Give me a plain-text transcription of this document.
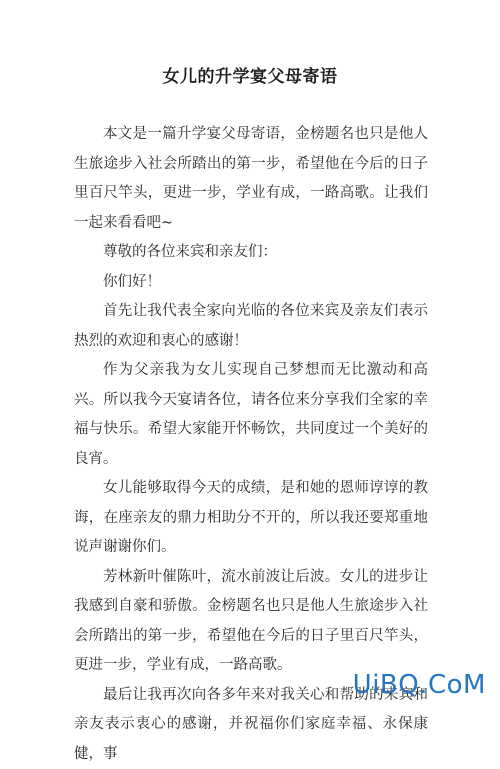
女儿的升学宴父母寄语

本文是一篇升学宴父母寄语，金榜题名也只是他人生旅途步入社会所踏出的第一步，希望他在今后的日子里百尺竿头，更进一步，学业有成，一路高歌。让我们一起来看看吧~

尊敬的各位来宾和亲友们：

你们好！

首先让我代表全家向光临的各位来宾及亲友们表示热烈的欢迎和衷心的感谢！

作为父亲我为女儿实现自己梦想而无比激动和高兴。所以我今天宴请各位，请各位来分享我们全家的幸福与快乐。希望大家能开怀畅饮，共同度过一个美好的良宵。

女儿能够取得今天的成绩，是和她的恩师谆谆的教诲，在座亲友的鼎力相助分不开的，所以我还要郑重地说声谢谢你们。

芳林新叶催陈叶，流水前波让后波。女儿的进步让我感到自豪和骄傲。金榜题名也只是他人生旅途步入社会所踏出的第一步，希望他在今后的日子里百尺竿头，更进一步，学业有成，一路高歌。

最后让我再次向各多年来对我关心和帮助的来宾和亲友表示衷心的感谢，并祝福你们家庭幸福、永保康健，事

UiBQ.CoM
